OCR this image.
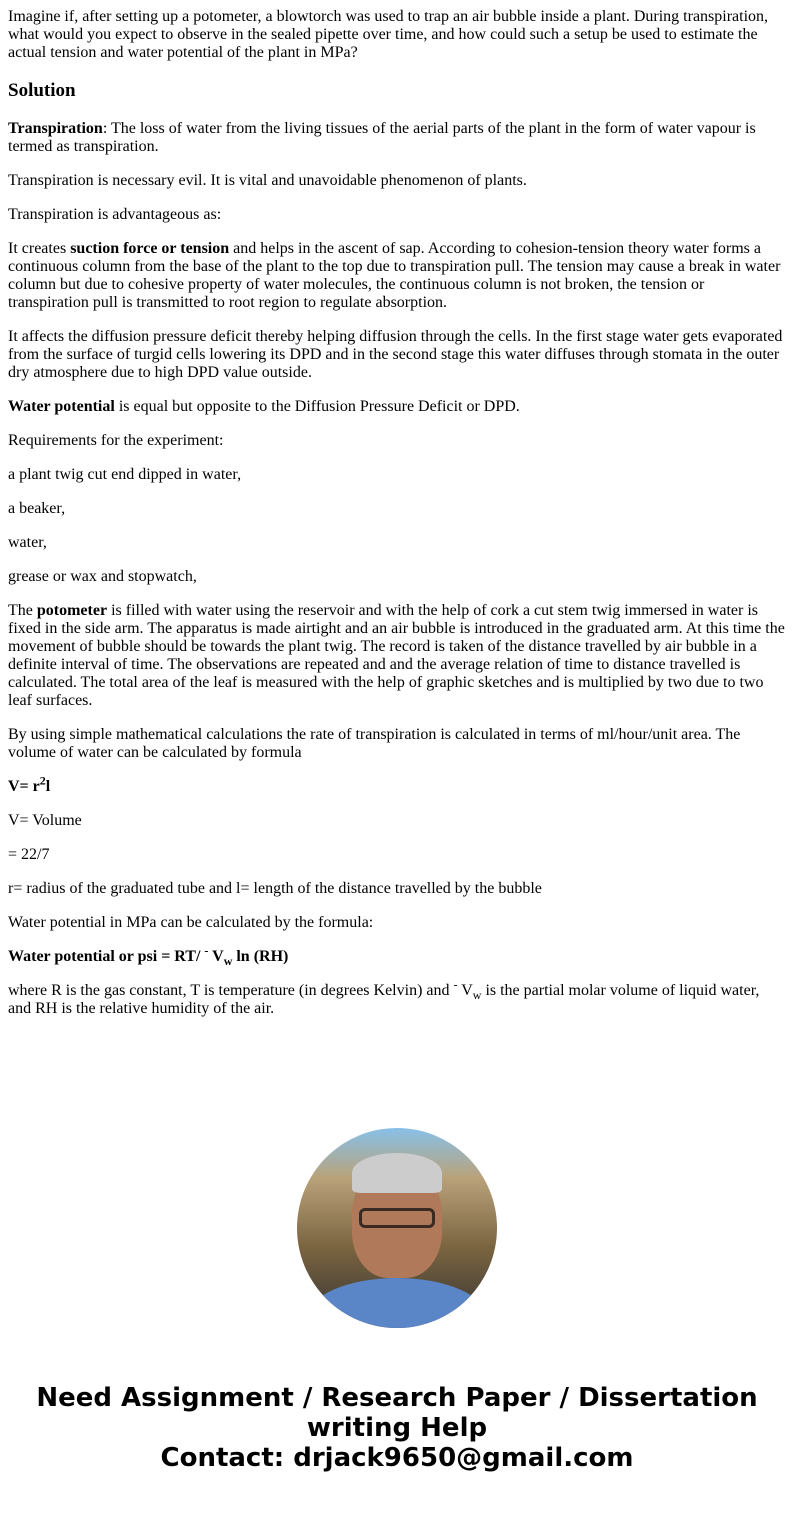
Imagine if, after setting up a potometer, a blowtorch was used to trap an air bubble inside a plant. During transpiration, what would you expect to observe in the sealed pipette over time, and how could such a setup be used to estimate the actual tension and water potential of the plant in MPa?

Solution

Transpiration: The loss of water from the living tissues of the aerial parts of the plant in the form of water vapour is termed as transpiration.

Transpiration is necessary evil. It is vital and unavoidable phenomenon of plants.

Transpiration is advantageous as:

It creates suction force or tension and helps in the ascent of sap. According to cohesion-tension theory water forms a continuous column from the base of the plant to the top due to transpiration pull. The tension may cause a break in water column but due to cohesive property of water molecules, the continuous column is not broken, the tension or transpiration pull is transmitted to root region to regulate absorption.

It affects the diffusion pressure deficit thereby helping diffusion through the cells. In the first stage water gets evaporated from the surface of turgid cells lowering its DPD and in the second stage this water diffuses through stomata in the outer dry atmosphere due to high DPD value outside.

Water potential is equal but opposite to the Diffusion Pressure Deficit or DPD.

Requirements for the experiment:

a plant twig cut end dipped in water,

a beaker,

water,

grease or wax and stopwatch,

The potometer is filled with water using the reservoir and with the help of cork a cut stem twig immersed in water is fixed in the side arm. The apparatus is made airtight and an air bubble is introduced in the graduated arm. At this time the movement of bubble should be towards the plant twig. The record is taken of the distance travelled by air bubble in a definite interval of time. The observations are repeated and and the average relation of time to distance travelled is calculated. The total area of the leaf is measured with the help of graphic sketches and is multiplied by two due to two leaf surfaces.

By using simple mathematical calculations the rate of transpiration is calculated in terms of ml/hour/unit area. The volume of water can be calculated by formula

$V= r^2l$

V= Volume

= 22/7

r= radius of the graduated tube and l= length of the distance travelled by the bubble

Water potential in MPa can be calculated by the formula:

Water potential or psi = RT/ - $V_w$ ln (RH)

where R is the gas constant, T is temperature (in degrees Kelvin) and - $V_w$ is the partial molar volume of liquid water, and RH is the relative humidity of the air.

Need Assignment / Research Paper / Dissertation writing Help
Contact: drjack9650@gmail.com
